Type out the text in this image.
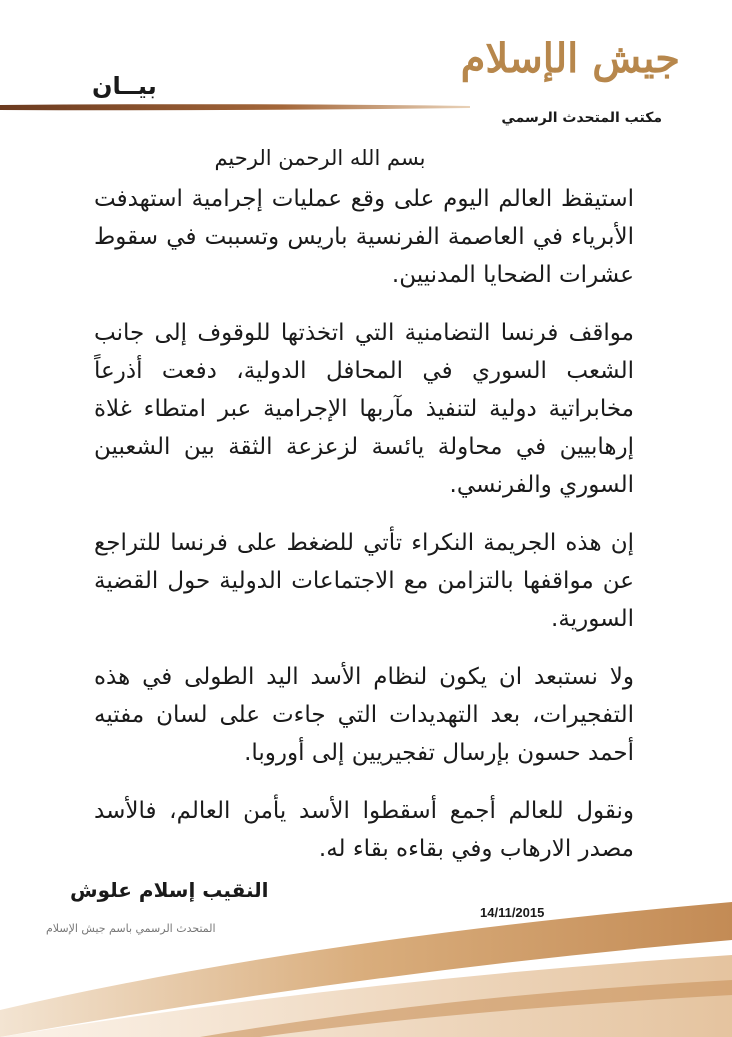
جيش الإسلام
مكتب المتحدث الرسمي
بيــان
بسم الله الرحمن الرحيم

استيقظ العالم اليوم على وقع عمليات إجرامية استهدفت الأبرياء في العاصمة الفرنسية باريس وتسببت في سقوط عشرات الضحايا المدنيين.

مواقف فرنسا التضامنية التي اتخذتها للوقوف إلى جانب الشعب السوري في المحافل الدولية، دفعت أذرعاً مخابراتية دولية لتنفيذ مآربها الإجرامية عبر امتطاء غلاة إرهابيين في محاولة يائسة لزعزعة الثقة بين الشعبين السوري والفرنسي.

إن هذه الجريمة النكراء تأتي للضغط على فرنسا للتراجع عن مواقفها بالتزامن مع الاجتماعات الدولية حول القضية السورية.

ولا نستبعد ان يكون لنظام الأسد اليد الطولى في هذه التفجيرات، بعد التهديدات التي جاءت على لسان مفتيه أحمد حسون بإرسال تفجيريين إلى أوروبا.

ونقول للعالم أجمع أسقطوا الأسد يأمن العالم، فالأسد مصدر الارهاب وفي بقاءه بقاء له.

النقيب إسلام علوش
المتحدث الرسمي باسم جيش الإسلام
14/11/2015
